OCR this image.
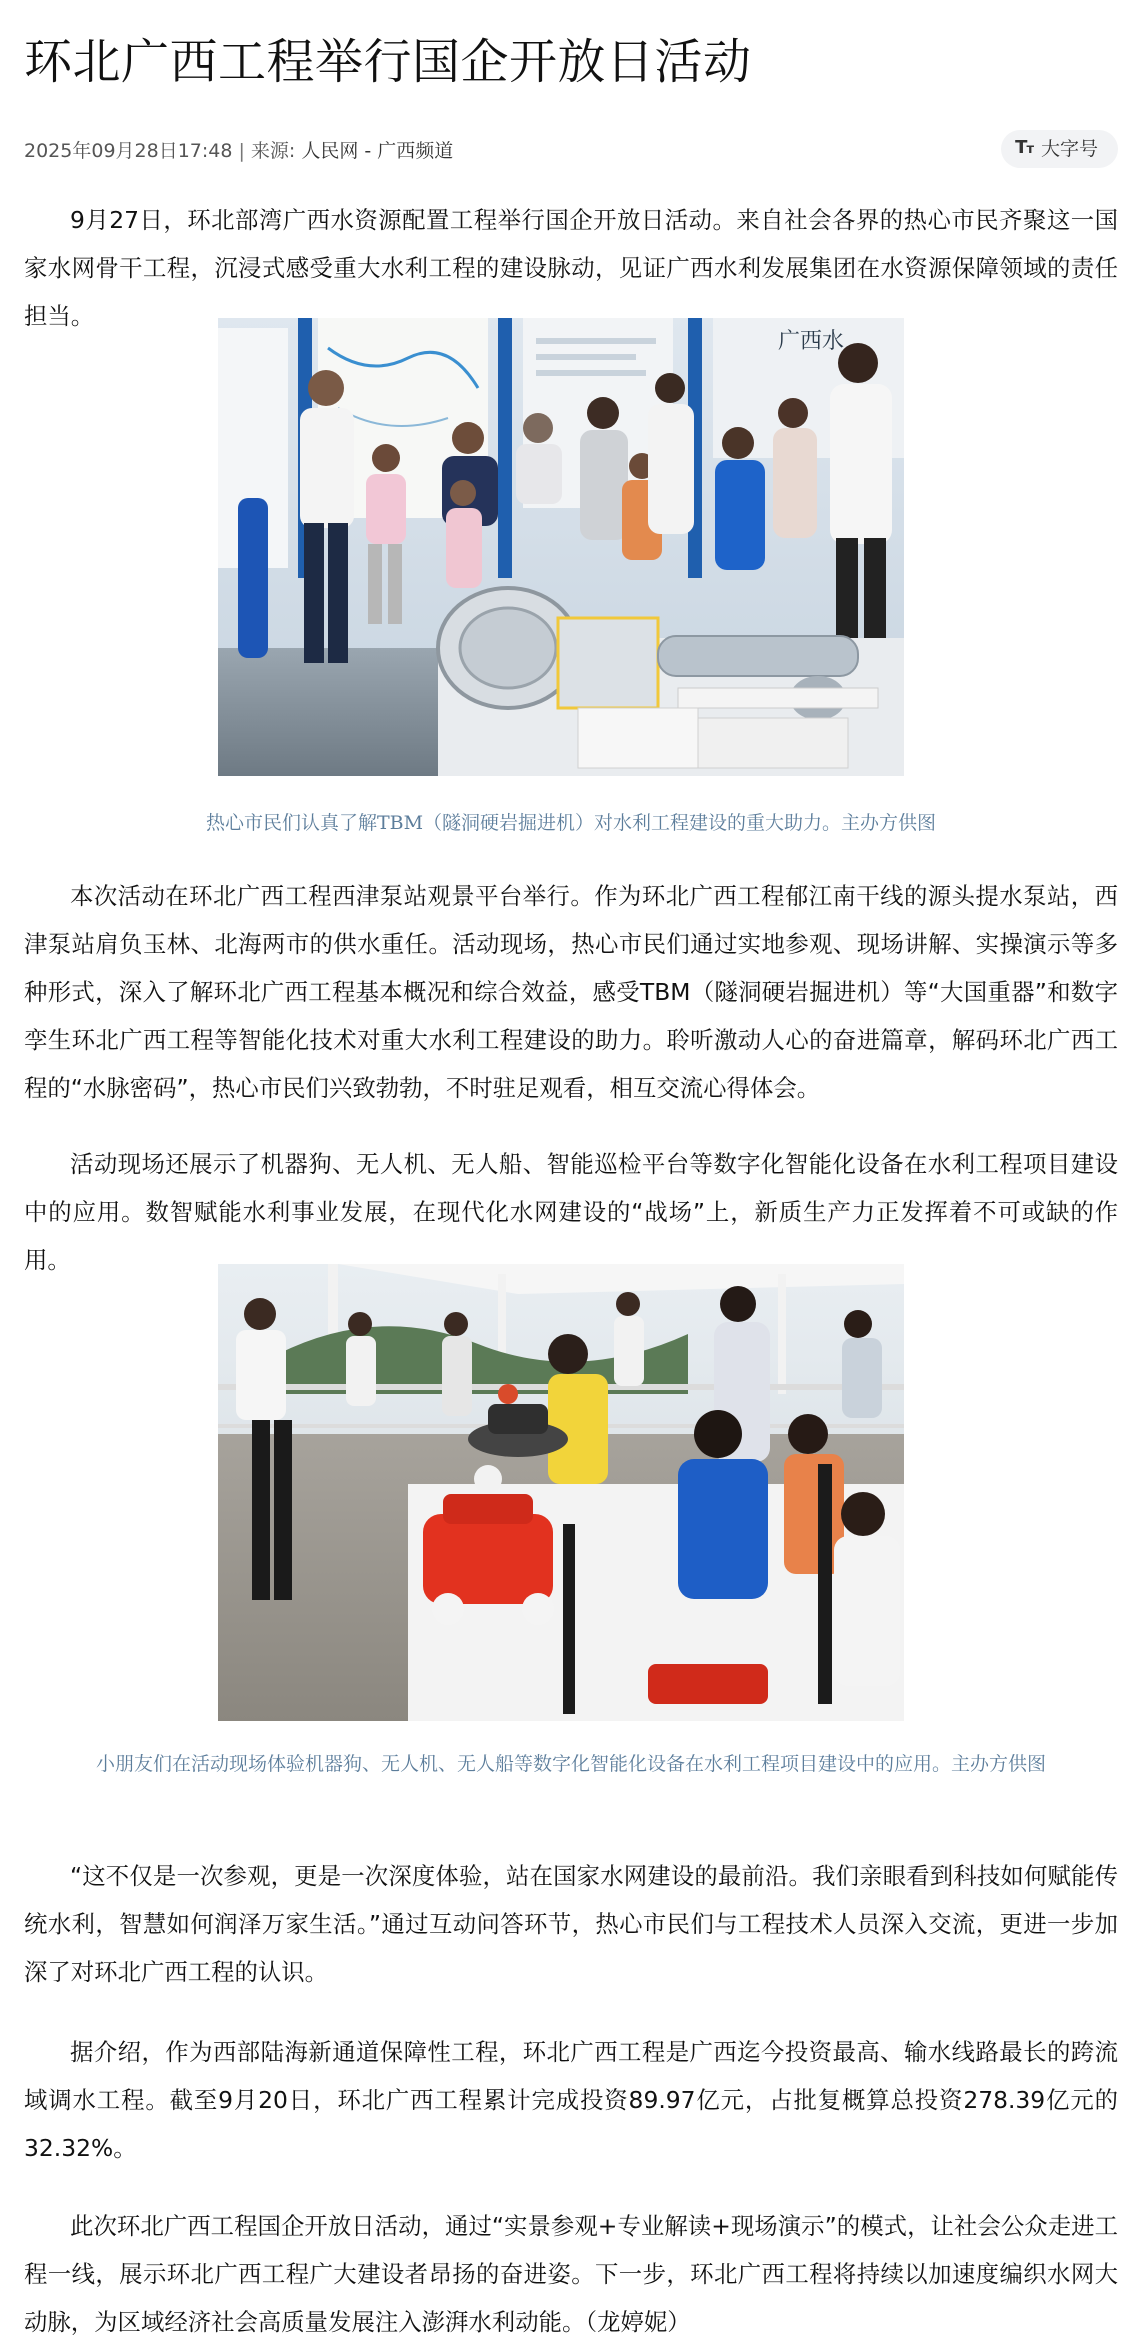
环北广西工程举行国企开放日活动
2025年09月28日17:48 | 来源: 人民网 - 广西频道	Tт 大字号

9月27日，环北部湾广西水资源配置工程举行国企开放日活动。来自社会各界的热心市民齐聚这一国家水网骨干工程，沉浸式感受重大水利工程的建设脉动，见证广西水利发展集团在水资源保障领域的责任担当。

广西水

热心市民们认真了解TBM（隧洞硬岩掘进机）对水利工程建设的重大助力。主办方供图

本次活动在环北广西工程西津泵站观景平台举行。作为环北广西工程郁江南干线的源头提水泵站，西津泵站肩负玉林、北海两市的供水重任。活动现场，热心市民们通过实地参观、现场讲解、实操演示等多种形式，深入了解环北广西工程基本概况和综合效益，感受TBM（隧洞硬岩掘进机）等“大国重器”和数字孪生环北广西工程等智能化技术对重大水利工程建设的助力。聆听激动人心的奋进篇章，解码环北广西工程的“水脉密码”，热心市民们兴致勃勃，不时驻足观看，相互交流心得体会。

活动现场还展示了机器狗、无人机、无人船、智能巡检平台等数字化智能化设备在水利工程项目建设中的应用。数智赋能水利事业发展，在现代化水网建设的“战场”上，新质生产力正发挥着不可或缺的作用。

小朋友们在活动现场体验机器狗、无人机、无人船等数字化智能化设备在水利工程项目建设中的应用。主办方供图

“这不仅是一次参观，更是一次深度体验，站在国家水网建设的最前沿。我们亲眼看到科技如何赋能传统水利，智慧如何润泽万家生活。”通过互动问答环节，热心市民们与工程技术人员深入交流，更进一步加深了对环北广西工程的认识。

据介绍，作为西部陆海新通道保障性工程，环北广西工程是广西迄今投资最高、输水线路最长的跨流域调水工程。截至9月20日，环北广西工程累计完成投资89.97亿元，占批复概算总投资278.39亿元的32.32%。

此次环北广西工程国企开放日活动，通过“实景参观+专业解读+现场演示”的模式，让社会公众走进工程一线，展示环北广西工程广大建设者昂扬的奋进姿。下一步，环北广西工程将持续以加速度编织水网大动脉，为区域经济社会高质量发展注入澎湃水利动能。（龙婷妮）
